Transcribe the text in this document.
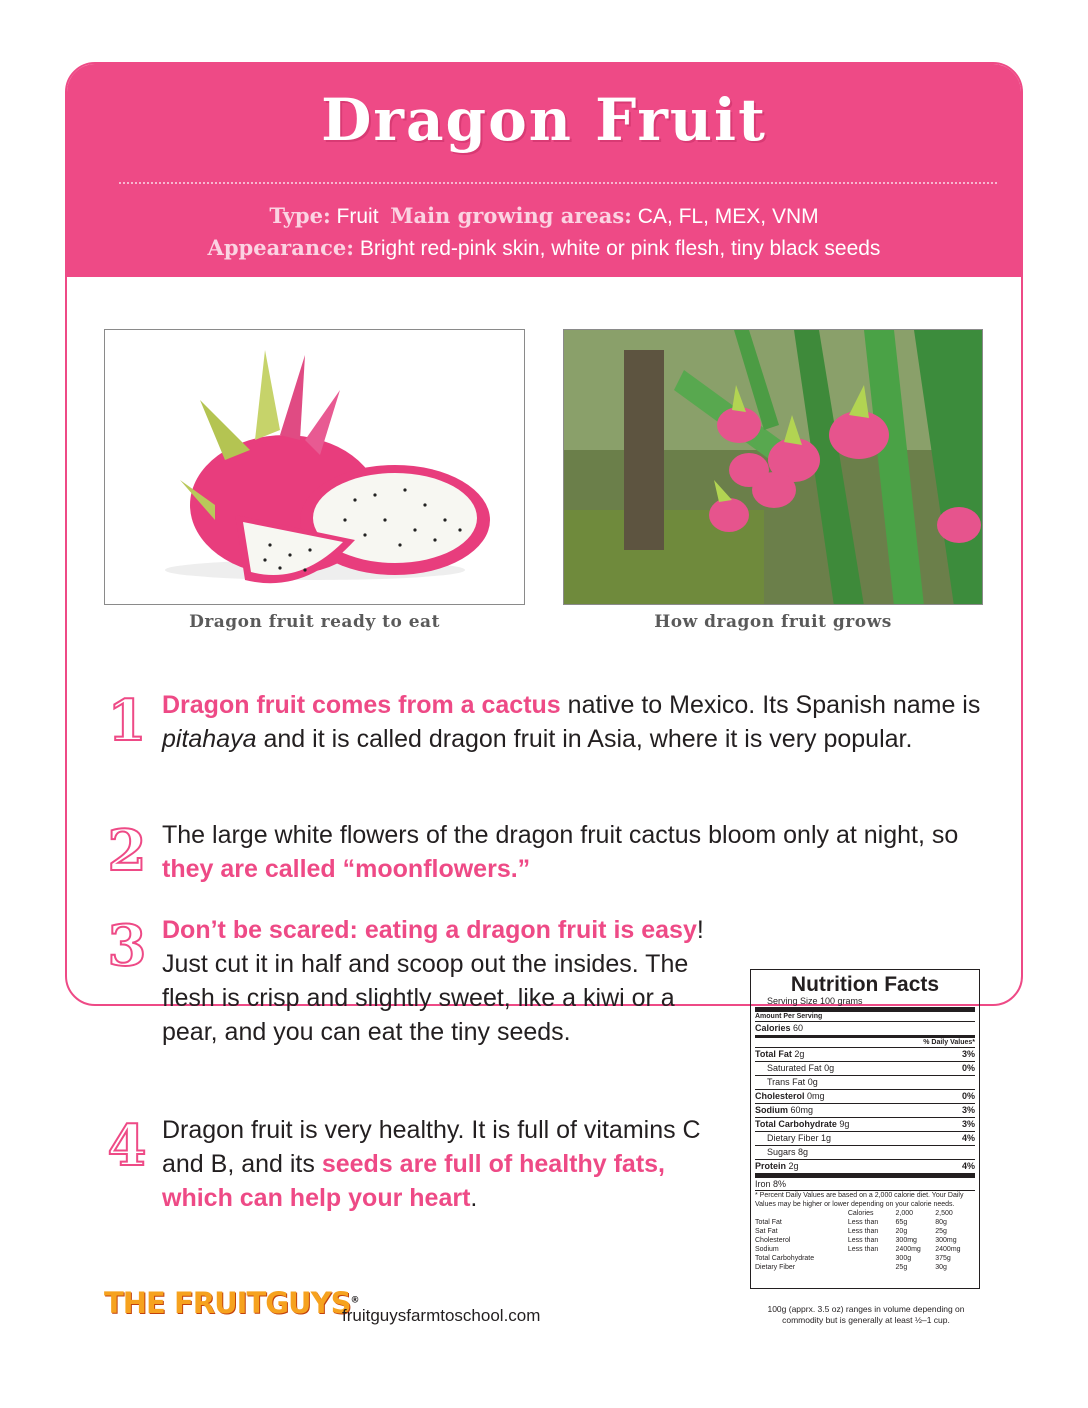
Dragon Fruit
Type: Fruit Main growing areas: CA, FL, MEX, VNM
Appearance: Bright red-pink skin, white or pink flesh, tiny black seeds
Dragon fruit ready to eat	How dragon fruit grows
1 Dragon fruit comes from a cactus native to Mexico. Its Spanish name is pitahaya and it is called dragon fruit in Asia, where it is very popular.
2 The large white flowers of the dragon fruit cactus bloom only at night, so they are called “moonflowers.”
3 Don’t be scared: eating a dragon fruit is easy! Just cut it in half and scoop out the insides. The flesh is crisp and slightly sweet, like a kiwi or a pear, and you can eat the tiny seeds.
4 Dragon fruit is very healthy. It is full of vitamins C and B, and its seeds are full of healthy fats, which can help your heart.
Nutrition Facts
Serving Size 100 grams
Amount Per Serving
Calories 60
% Daily Values*
Total Fat 2g	3%
Saturated Fat 0g	0%
Trans Fat 0g
Cholesterol 0mg	0%
Sodium 60mg	3%
Total Carbohydrate 9g	3%
Dietary Fiber 1g	4%
Sugars 8g
Protein 2g	4%
Iron 8%
* Percent Daily Values are based on a 2,000 calorie diet. Your Daily Values may be higher or lower depending on your calorie needs.
	Calories	2,000	2,500
Total Fat	Less than	65g	80g
Sat Fat	Less than	20g	25g
Cholesterol	Less than	300mg	300mg
Sodium	Less than	2400mg	2400mg
Total Carbohydrate		300g	375g
Dietary Fiber		25g	30g
100g (apprx. 3.5 oz) ranges in volume depending on commodity but is generally at least ½–1 cup.
THE FRUITGUYS®
fruitguysfarmtoschool.com
